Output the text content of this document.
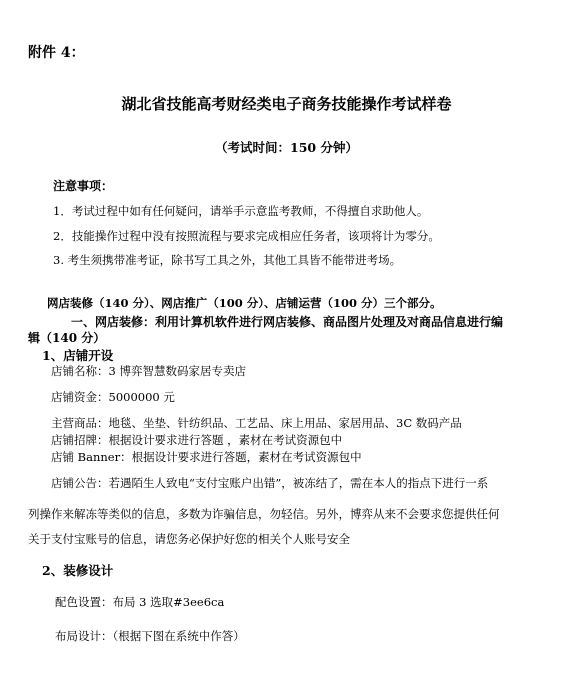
附件 4：
湖北省技能高考财经类电子商务技能操作考试样卷
（考试时间：150 分钟）
注意事项：
1．考试过程中如有任何疑问，请举手示意监考教师，不得擅自求助他人。
2．技能操作过程中没有按照流程与要求完成相应任务者，该项将计为零分。
3. 考生须携带准考证，除书写工具之外，其他工具皆不能带进考场。
网店装修（140 分）、网店推广（100 分）、店铺运营（100 分）三个部分。
一、网店装修：利用计算机软件进行网店装修、商品图片处理及对商品信息进行编
辑（140 分）
1、店铺开设
店铺名称：3 博弈智慧数码家居专卖店
店铺资金：5000000 元
主营商品：地毯、坐垫、针纺织品、工艺品、床上用品、家居用品、3C 数码产品
店铺招牌：根据设计要求进行答题 ，素材在考试资源包中
店铺 Banner：根据设计要求进行答题，素材在考试资源包中
店铺公告：若遇陌生人致电“支付宝账户出错”，被冻结了，需在本人的指点下进行一系
列操作来解冻等类似的信息，多数为诈骗信息，勿轻信。另外，博弈从来不会要求您提供任何
关于支付宝账号的信息，请您务必保护好您的相关个人账号安全
2、装修设计
配色设置：布局 3 选取#3ee6ca
布局设计：（根据下图在系统中作答）
